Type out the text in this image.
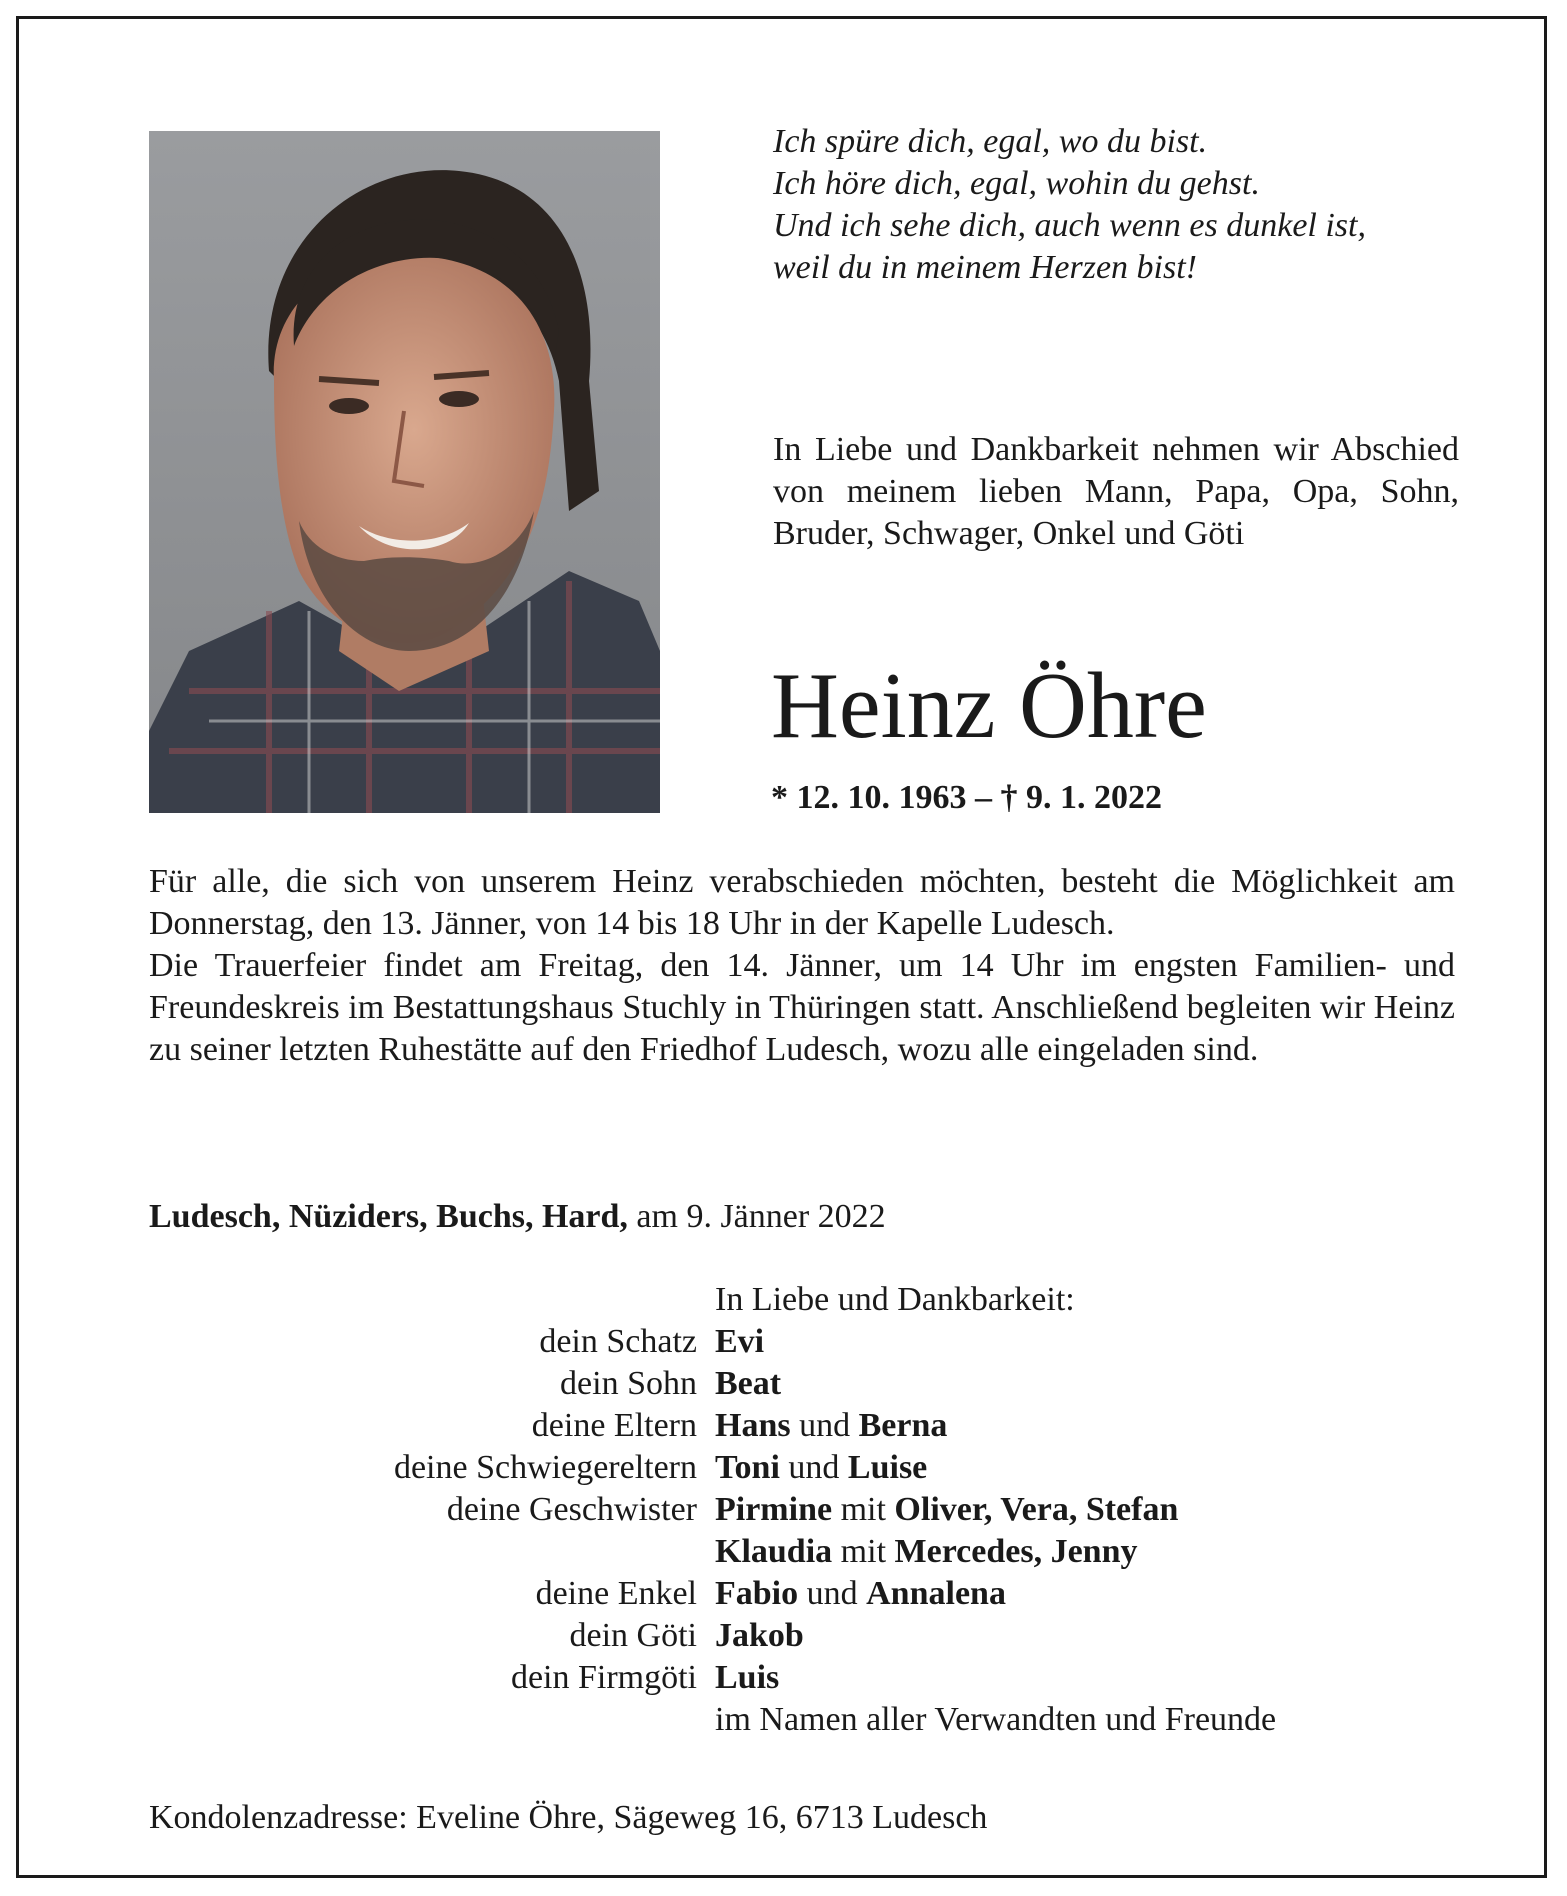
Ich spüre dich, egal, wo du bist.
Ich höre dich, egal, wohin du gehst.
Und ich sehe dich, auch wenn es dunkel ist,
weil du in meinem Herzen bist!
In Liebe und Dankbarkeit nehmen wir Abschied von meinem lieben Mann, Papa, Opa, Sohn, Bruder, Schwager, Onkel und Göti
Heinz Öhre
* 12. 10. 1963 – † 9. 1. 2022

Für alle, die sich von unserem Heinz verabschieden möchten, besteht die Möglichkeit am Donnerstag, den 13. Jänner, von 14 bis 18 Uhr in der Kapelle Ludesch.

Die Trauerfeier findet am Freitag, den 14. Jänner, um 14 Uhr im engsten Familien- und Freundeskreis im Bestattungshaus Stuchly in Thüringen statt. Anschließend begleiten wir Heinz zu seiner letzten Ruhestätte auf den Friedhof Ludesch, wozu alle eingeladen sind.

Ludesch, Nüziders, Buchs, Hard, am 9. Jänner 2022
In Liebe und Dankbarkeit:
dein Schatz Evi
dein Sohn Beat
deine Eltern Hans und Berna
deine Schwiegereltern Toni und Luise
deine Geschwister Pirmine mit Oliver, Vera, Stefan
Klaudia mit Mercedes, Jenny
deine Enkel Fabio und Annalena
dein Göti Jakob
dein Firmgöti Luis
im Namen aller Verwandten und Freunde
Kondolenzadresse: Eveline Öhre, Sägeweg 16, 6713 Ludesch
